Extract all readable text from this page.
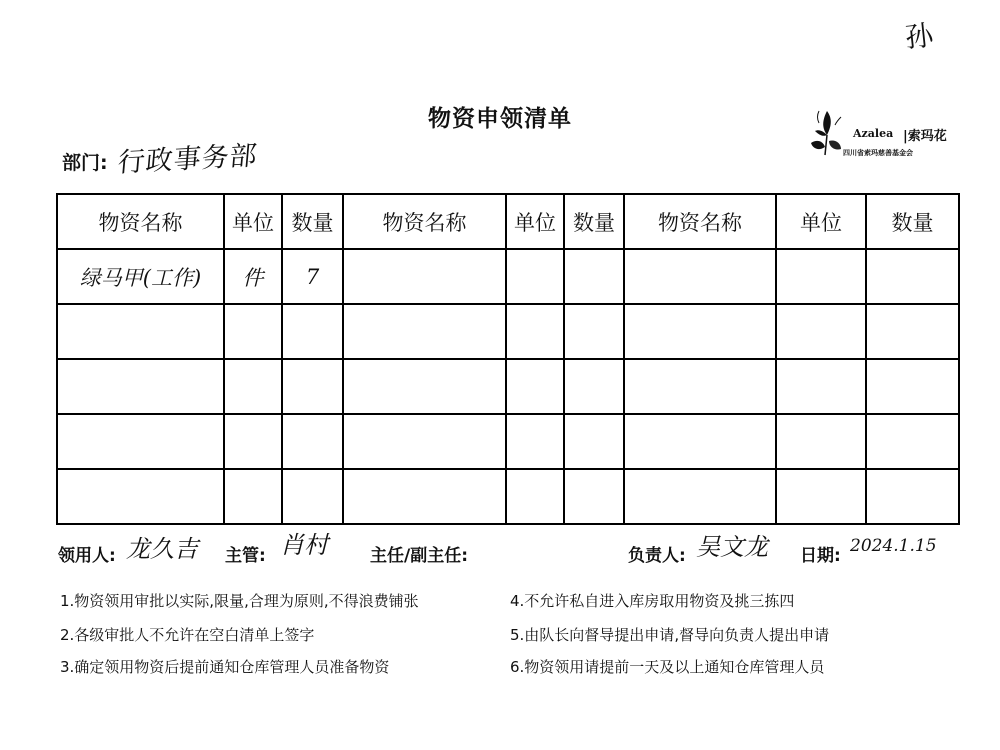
孙
物资申领清单
Azalea |索玛花
四川省索玛慈善基金会
部门: 行政事务部
物资名称	单位	数量	物资名称	单位	数量	物资名称	单位	数量
绿马甲(工作)	件	7						

领用人: 龙久吉 主管: 肖村 主任/副主任:	负责人: 吴文龙 日期: 2024.1.15
1.物资领用审批以实际,限量,合理为原则,不得浪费铺张
2.各级审批人不允许在空白清单上签字
3.确定领用物资后提前通知仓库管理人员准备物资
4.不允许私自进入库房取用物资及挑三拣四
5.由队长向督导提出申请,督导向负责人提出申请
6.物资领用请提前一天及以上通知仓库管理人员
